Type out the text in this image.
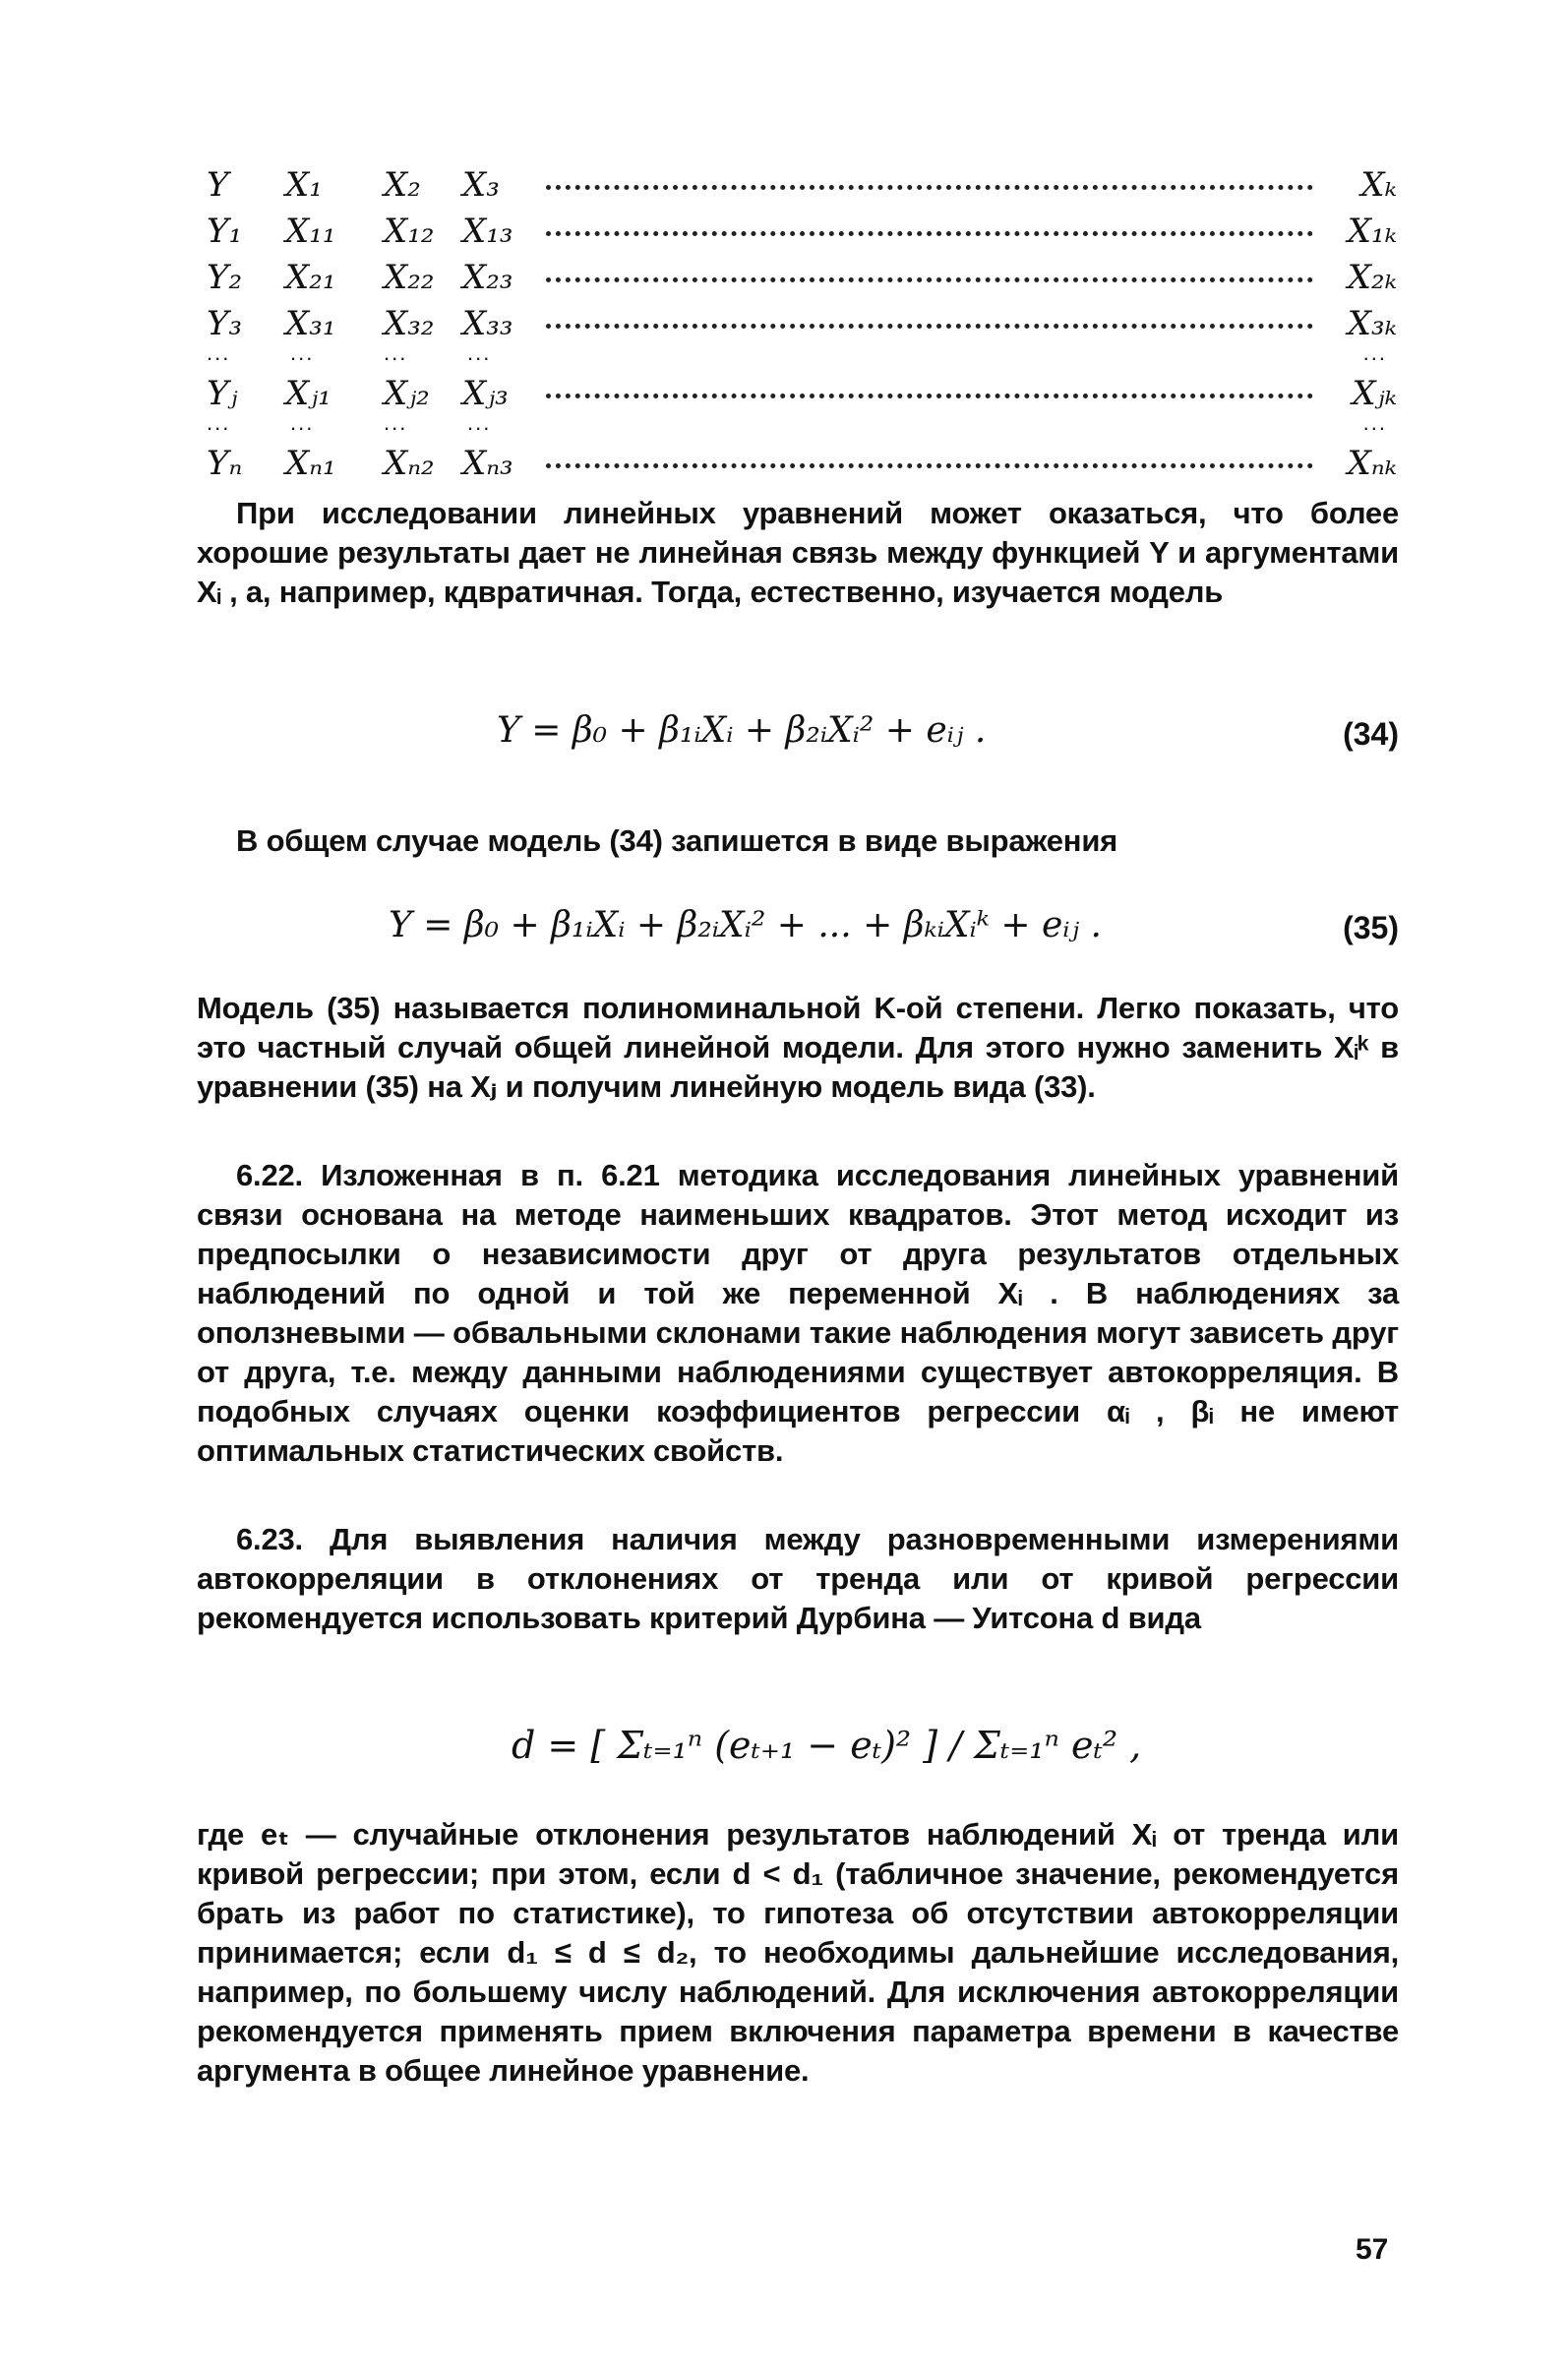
Y X₁ X₂ X₃	Xₖ
Y₁ X₁₁ X₁₂ X₁₃	X₁ₖ
Y₂ X₂₁ X₂₂ X₂₃	X₂ₖ
Y₃ X₃₁ X₃₂ X₃₃	X₃ₖ
...	...	...	...	...
Yⱼ Xⱼ₁ Xⱼ₂ Xⱼ₃	Xⱼₖ
...	...	...	...	...
Yₙ Xₙ₁ Xₙ₂ Xₙ₃	Xₙₖ

При исследовании линейных уравнений может оказаться, что более хорошие результаты дает не линейная связь между функцией Y и аргументами Xᵢ , а, например, кдвратичная. Тогда, естественно, изучается модель

Y = β₀ + β₁ᵢXᵢ + β₂ᵢXᵢ² + eᵢⱼ .	(34)

В общем случае модель (34) запишется в виде выражения

Y = β₀ + β₁ᵢXᵢ + β₂ᵢXᵢ² + ... + βₖᵢXᵢᵏ + eᵢⱼ .	(35)

Модель (35) называется полиноминальной K-ой степени. Легко показать, что это частный случай общей линейной модели. Для этого нужно заменить Xᵢᵏ в уравнении (35) на Xⱼ и получим линейную модель вида (33).

6.22. Изложенная в п. 6.21 методика исследования линейных уравнений связи основана на методе наименьших квадратов. Этот метод исходит из предпосылки о независимости друг от друга результатов отдельных наблюдений по одной и той же переменной Xᵢ . В наблюдениях за оползневыми — обвальными склонами такие наблюдения могут зависеть друг от друга, т.е. между данными наблюдениями существует автокорреляция. В подобных случаях оценки коэффициентов регрессии αᵢ , βᵢ не имеют оптимальных статистических свойств.

6.23. Для выявления наличия между разновременными измерениями автокорреляции в отклонениях от тренда или от кривой регрессии рекомендуется использовать критерий Дурбина — Уитсона d вида

d = [ Σₜ₌₁ⁿ (eₜ₊₁ − eₜ)² ] / Σₜ₌₁ⁿ eₜ² ,

где eₜ — случайные отклонения результатов наблюдений Xᵢ от тренда или кривой регрессии; при этом, если d < d₁ (табличное значение, рекомендуется брать из работ по статистике), то гипотеза об отсутствии автокорреляции принимается; если d₁ ≤ d ≤ d₂, то необходимы дальнейшие исследования, например, по большему числу наблюдений. Для исключения автокорреляции рекомендуется применять прием включения параметра времени в качестве аргумента в общее линейное уравнение.

57
